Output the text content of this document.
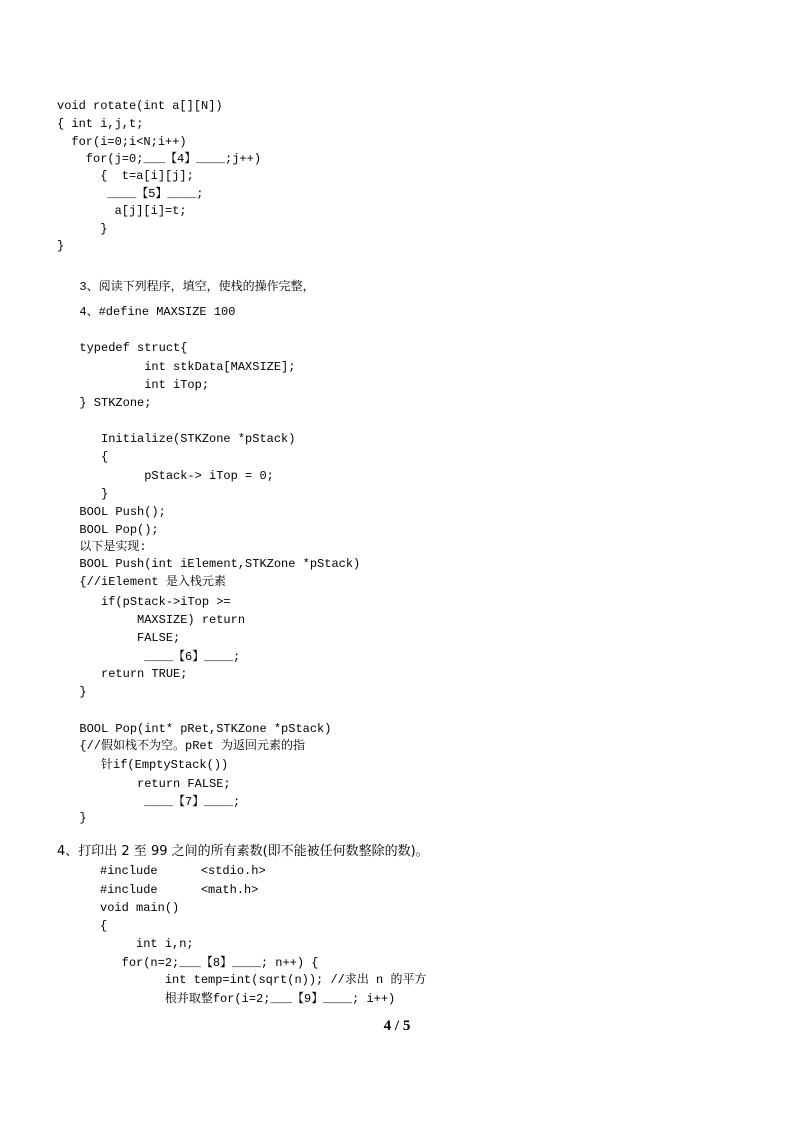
void rotate(int a[][N])
{ int i,j,t;
for(i=0;i<N;i++)
for(j=0;___【4】____;j++)
{  t=a[i][j];
____【5】____;
a[j][i]=t;
}
}
3、阅读下列程序，填空，使栈的操作完整，
4、#define MAXSIZE 100
typedef struct{
int stkData[MAXSIZE];
int iTop;
} STKZone;
Initialize(STKZone *pStack)
{
pStack-> iTop = 0;
}
BOOL Push();
BOOL Pop();
以下是实现:
BOOL Push(int iElement,STKZone *pStack)
{//iElement 是入栈元素
if(pStack->iTop >=
MAXSIZE) return
FALSE;
____【6】____;
return TRUE;
}
BOOL Pop(int* pRet,STKZone *pStack)
{//假如栈不为空。pRet 为返回元素的指
针if(EmptyStack())
return FALSE;
____【7】____;
}
4、打印出 2 至 99 之间的所有素数(即不能被任何数整除的数)。
#include      <stdio.h>
#include      <math.h>
void main()
{
int i,n;
for(n=2;___【8】____; n++) {
int temp=int(sqrt(n)); //求出 n 的平方
根并取整for(i=2;___【9】____; i++)
4 / 5
